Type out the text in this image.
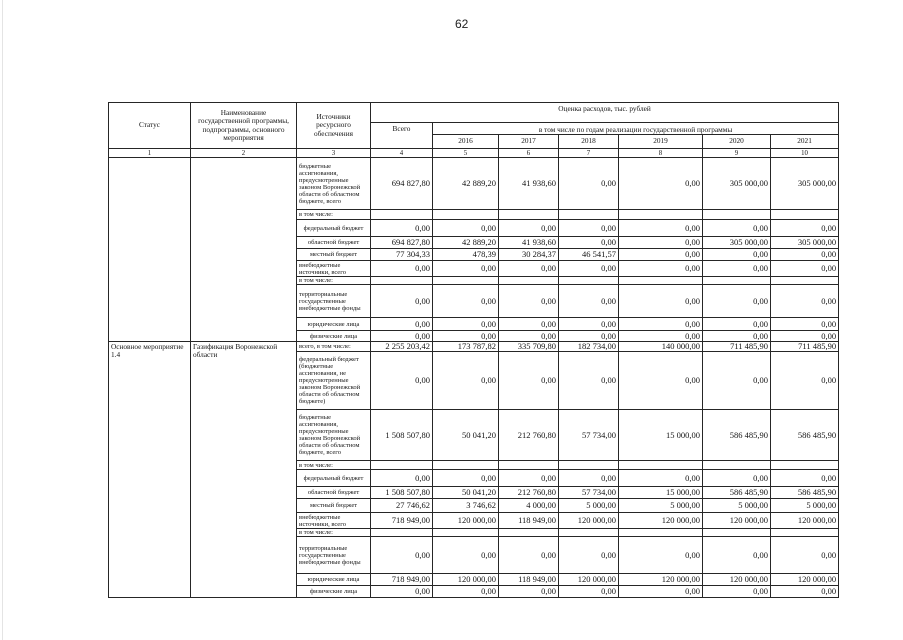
62
Статус	Наименование государственной программы, подпрограммы, основного мероприятия	Источники ресурсного обеспечения	Оценка расходов, тыс. рублей						
			Всего	в том числе по годам реализации государственной программы					
				2016	2017	2018	2019	2020	2021
1	2	3	4	5	6	7	8	9	10
		бюджетные ассигнования, предусмотренные законом Воронежской области об областном бюджете, всего	694 827,80	42 889,20	41 938,60	0,00	0,00	305 000,00	305 000,00
		в том числе:							
		федеральный бюджет	0,00	0,00	0,00	0,00	0,00	0,00	0,00
		областной бюджет	694 827,80	42 889,20	41 938,60	0,00	0,00	305 000,00	305 000,00
		местный бюджет	77 304,33	478,39	30 284,37	46 541,57	0,00	0,00	0,00
		внебюджетные источники, всего	0,00	0,00	0,00	0,00	0,00	0,00	0,00
		в том числе:							
		территориальные государственные внебюджетные фонды	0,00	0,00	0,00	0,00	0,00	0,00	0,00
		юридические лица	0,00	0,00	0,00	0,00	0,00	0,00	0,00
		физические лица	0,00	0,00	0,00	0,00	0,00	0,00	0,00
Основное мероприятие 1.4	Газификация Воронежской области	всего, в том числе:	2 255 203,42	173 787,82	335 709,80	182 734,00	140 000,00	711 485,90	711 485,90
		федеральный бюджет (бюджетные ассигнования, не предусмотренные законом Воронежской области об областном бюджете)	0,00	0,00	0,00	0,00	0,00	0,00	0,00
		бюджетные ассигнования, предусмотренные законом Воронежской области об областном бюджете, всего	1 508 507,80	50 041,20	212 760,80	57 734,00	15 000,00	586 485,90	586 485,90
		в том числе:							
		федеральный бюджет	0,00	0,00	0,00	0,00	0,00	0,00	0,00
		областной бюджет	1 508 507,80	50 041,20	212 760,80	57 734,00	15 000,00	586 485,90	586 485,90
		местный бюджет	27 746,62	3 746,62	4 000,00	5 000,00	5 000,00	5 000,00	5 000,00
		внебюджетные источники, всего	718 949,00	120 000,00	118 949,00	120 000,00	120 000,00	120 000,00	120 000,00
		в том числе:							
		территориальные государственные внебюджетные фонды	0,00	0,00	0,00	0,00	0,00	0,00	0,00
		юридические лица	718 949,00	120 000,00	118 949,00	120 000,00	120 000,00	120 000,00	120 000,00
		физические лица	0,00	0,00	0,00	0,00	0,00	0,00	0,00
